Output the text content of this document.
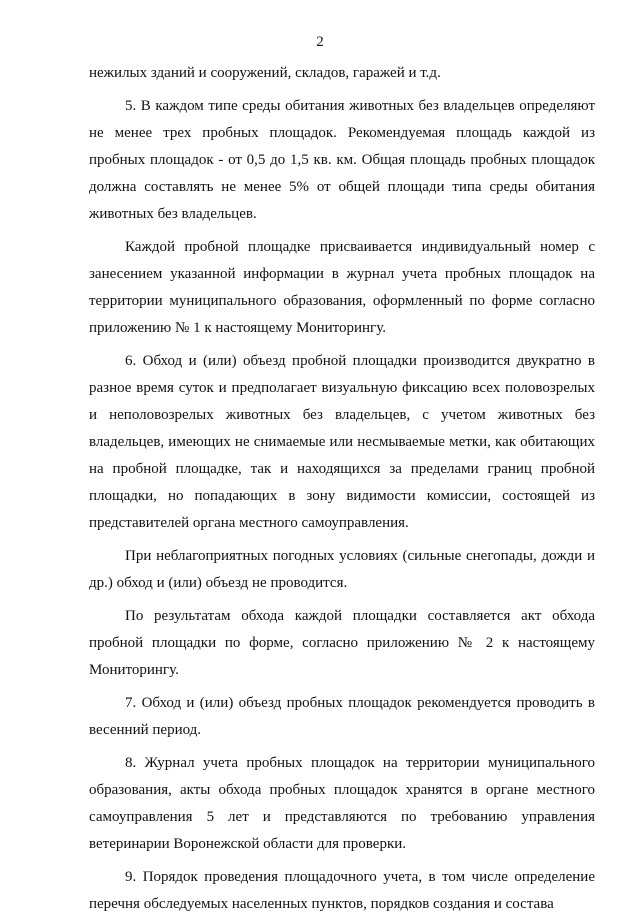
2

нежилых зданий и сооружений, складов, гаражей и т.д.

5. В каждом типе среды обитания животных без владельцев определяют не менее трех пробных площадок. Рекомендуемая площадь каждой из пробных площадок - от 0,5 до 1,5 кв. км. Общая площадь пробных площадок должна составлять не менее 5% от общей площади типа среды обитания животных без владельцев.

Каждой пробной площадке присваивается индивидуальный номер с занесением указанной информации в журнал учета пробных площадок на территории муниципального образования, оформленный по форме согласно приложению № 1 к настоящему Мониторингу.

6. Обход и (или) объезд пробной площадки производится двукратно в разное время суток и предполагает визуальную фиксацию всех половозрелых и неполовозрелых животных без владельцев, с учетом животных без владельцев, имеющих не снимаемые или несмываемые метки, как обитающих на пробной площадке, так и находящихся за пределами границ пробной площадки, но попадающих в зону видимости комиссии, состоящей из представителей органа местного самоуправления.

При неблагоприятных погодных условиях (сильные снегопады, дожди и др.) обход и (или) объезд не проводится.

По результатам обхода каждой площадки составляется акт обхода пробной площадки по форме, согласно приложению № 2 к настоящему Мониторингу.

7. Обход и (или) объезд пробных площадок рекомендуется проводить в весенний период.

8. Журнал учета пробных площадок на территории муниципального образования, акты обхода пробных площадок хранятся в органе местного самоуправления 5 лет и представляются по требованию управления ветеринарии Воронежской области для проверки.

9. Порядок проведения площадочного учета, в том числе определение перечня обследуемых населенных пунктов, порядков создания и состава
